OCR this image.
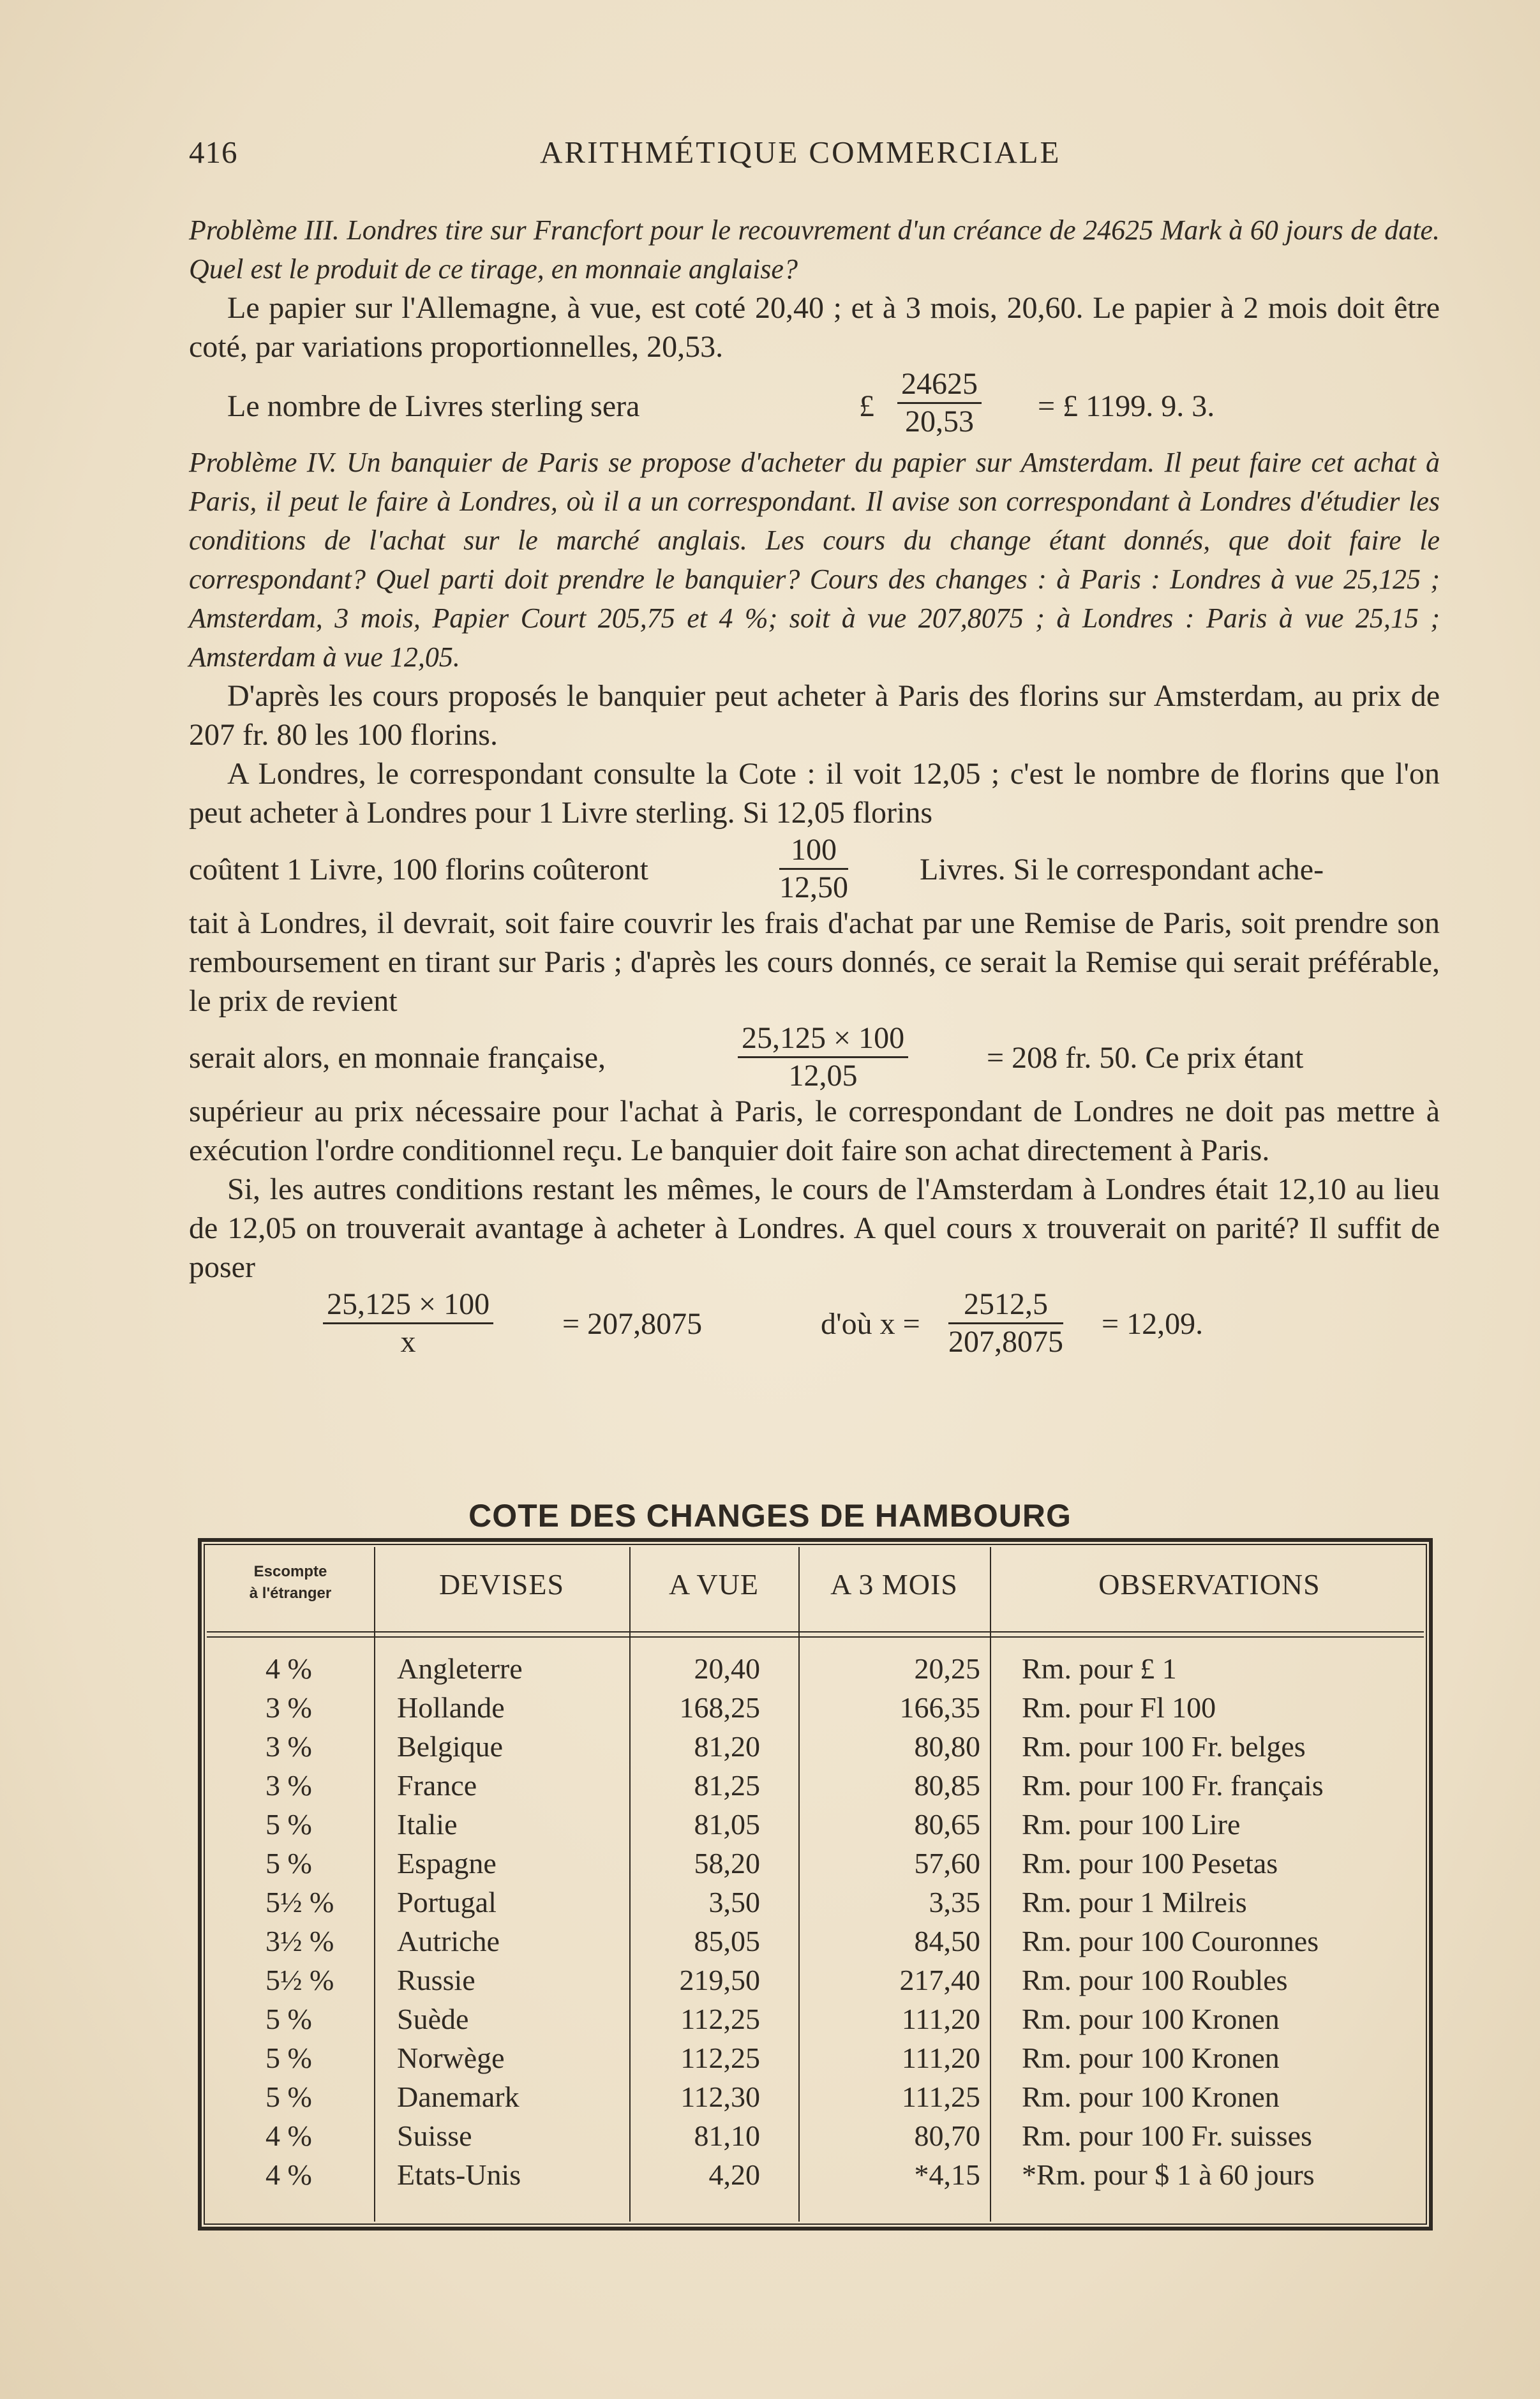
416	ARITHMÉTIQUE COMMERCIALE

Problème III. Londres tire sur Francfort pour le recouvrement d'un créance de 24625 Mark à 60 jours de date. Quel est le produit de ce tirage, en monnaie anglaise?

Le papier sur l'Allemagne, à vue, est coté 20,40 ; et à 3 mois, 20,60. Le papier à 2 mois doit être coté, par variations proportionnelles, 20,53.

Le nombre de Livres sterling sera	£ $\frac{24625}{20,53}$ = £ 1199. 9. 3.

Problème IV. Un banquier de Paris se propose d'acheter du papier sur Amsterdam. Il peut faire cet achat à Paris, il peut le faire à Londres, où il a un correspondant. Il avise son correspondant à Londres d'étudier les conditions de l'achat sur le marché anglais. Les cours du change étant donnés, que doit faire le correspondant? Quel parti doit prendre le banquier? Cours des changes : à Paris : Londres à vue 25,125 ; Amsterdam, 3 mois, Papier Court 205,75 et 4 %; soit à vue 207,8075 ; à Londres : Paris à vue 25,15 ; Amsterdam à vue 12,05.

D'après les cours proposés le banquier peut acheter à Paris des florins sur Amsterdam, au prix de 207 fr. 80 les 100 florins.

A Londres, le correspondant consulte la Cote : il voit 12,05 ; c'est le nombre de florins que l'on peut acheter à Londres pour 1 Livre sterling. Si 12,05 florins

coûtent 1 Livre, 100 florins coûteront	$\frac{100}{12,50}$ Livres. Si le correspondant ache-

tait à Londres, il devrait, soit faire couvrir les frais d'achat par une Remise de Paris, soit prendre son remboursement en tirant sur Paris ; d'après les cours donnés, ce serait la Remise qui serait préférable, le prix de revient

serait alors, en monnaie française,	$\frac{25,125 \times 100}{12,05}$	= 208 fr. 50. Ce prix étant

supérieur au prix nécessaire pour l'achat à Paris, le correspondant de Londres ne doit pas mettre à exécution l'ordre conditionnel reçu. Le banquier doit faire son achat directement à Paris.

Si, les autres conditions restant les mêmes, le cours de l'Amsterdam à Londres était 12,10 au lieu de 12,05 on trouverait avantage à acheter à Londres. A quel cours x trouverait on parité? Il suffit de poser

$\frac{25,125 \times 100}{x} = 207,8075$	d'où $x = \frac{2512,5}{207,8075} = 12,09$.
COTE DES CHANGES DE HAMBOURG
Escompte
à l'étranger	DEVISES	A VUE	A 3 MOIS	OBSERVATIONS
4 %	Angleterre	20,40	20,25 Rm. pour £ 1
3 %	Hollande	168,25	166,35 Rm. pour Fl 100
3 %	Belgique	81,20	80,80 Rm. pour 100 Fr. belges
3 %	France	81,25	80,85 Rm. pour 100 Fr. français
5 %	Italie	81,05	80,65 Rm. pour 100 Lire
5 %	Espagne	58,20	57,60 Rm. pour 100 Pesetas
5½ % Portugal	3,50	3,35 Rm. pour 1 Milreis
3½ % Autriche	85,05	84,50 Rm. pour 100 Couronnes
5½ % Russie	219,50	217,40 Rm. pour 100 Roubles
5 %	Suède	112,25	111,20 Rm. pour 100 Kronen
5 %	Norwège	112,25	111,20 Rm. pour 100 Kronen
5 %	Danemark	112,30	111,25 Rm. pour 100 Kronen
4 %	Suisse	81,10	80,70 Rm. pour 100 Fr. suisses
4 %	Etats-Unis	4,20	*4,15 *Rm. pour $ 1 à 60 jours
